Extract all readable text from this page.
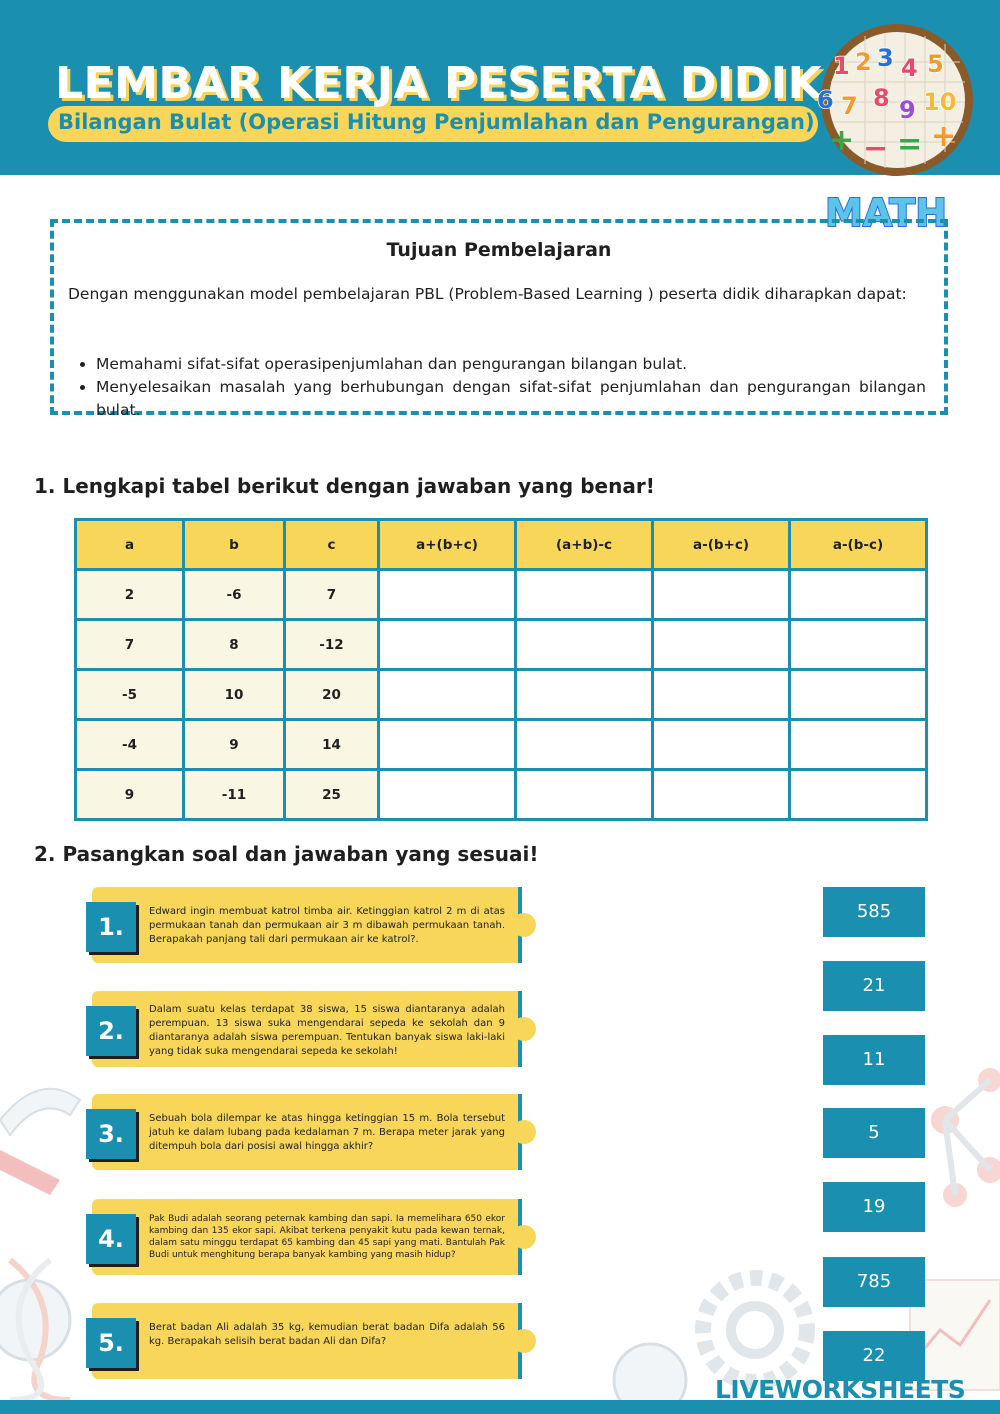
LEMBAR KERJA PESERTA DIDIK
Bilangan Bulat (Operasi Hitung Penjumlahan dan Pengurangan)
1 2 3 4 5
6 7 8 9 10
+ − = +
MATH
Tujuan Pembelajaran
Dengan menggunakan model pembelajaran PBL (Problem-Based Learning ) peserta didik diharapkan dapat:
• Memahami sifat-sifat operasipenjumlahan dan pengurangan bilangan bulat.
• Menyelesaikan masalah yang berhubungan dengan sifat-sifat penjumlahan dan pengurangan bilangan bulat.
1. Lengkapi tabel berikut dengan jawaban yang benar!
a	b	c	a+(b+c)	(a+b)-c	a-(b+c)	a-(b-c)
2	-6	7				
7	8	-12				
-5	10	20				
-4	9	14				
9	-11	25				
2. Pasangkan soal dan jawaban yang sesuai!
1.
Edward ingin membuat katrol timba air. Ketinggian katrol 2 m di atas permukaan tanah dan permukaan air 3 m dibawah permukaan tanah. Berapakah panjang tali dari permukaan air ke katrol?.
2.
Dalam suatu kelas terdapat 38 siswa, 15 siswa diantaranya adalah perempuan. 13 siswa suka mengendarai sepeda ke sekolah dan 9 diantaranya adalah siswa perempuan. Tentukan banyak siswa laki-laki yang tidak suka mengendarai sepeda ke sekolah!
3.
Sebuah bola dilempar ke atas hingga ketinggian 15 m. Bola tersebut jatuh ke dalam lubang pada kedalaman 7 m. Berapa meter jarak yang ditempuh bola dari posisi awal hingga akhir?
4.
Pak Budi adalah seorang peternak kambing dan sapi. Ia memelihara 650 ekor kambing dan 135 ekor sapi. Akibat terkena penyakit kutu pada kewan ternak, dalam satu minggu terdapat 65 kambing dan 45 sapi yang mati. Bantulah Pak Budi untuk menghitung berapa banyak kambing yang masih hidup?
5.
Berat badan Ali adalah 35 kg, kemudian berat badan Difa adalah 56 kg. Berapakah selisih berat badan Ali dan Difa?
585
21
11
5
19
785
22
LIVEWORKSHEETS
